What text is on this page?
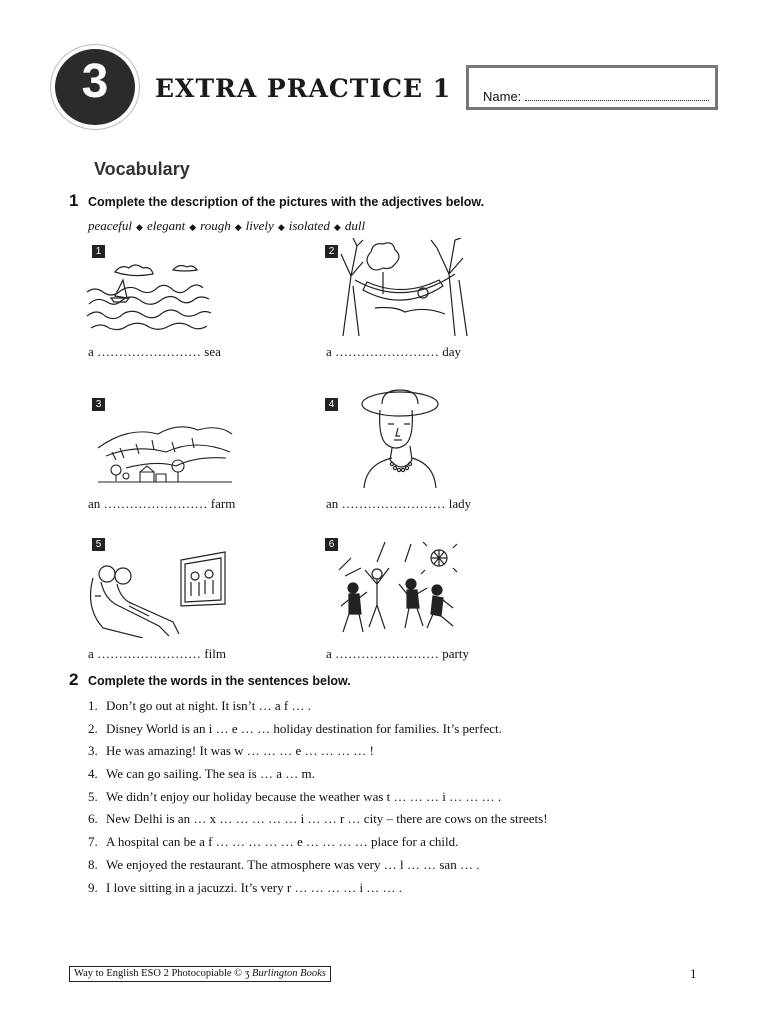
3	EXTRA PRACTICE 1 Name:
Vocabulary
1 Complete the description of the pictures with the adjectives below.
peaceful ◆ elegant ◆ rough ◆ lively ◆ isolated ◆ dull
1
a …………………… sea
2
a …………………… day
3
an …………………… farm
4
an …………………… lady
5
a …………………… film
6
a …………………… party
2 Complete the words in the sentences below.
1. Don’t go out at night. It isn’t … a f … .
2. Disney World is an i … e … … holiday destination for families. It’s perfect.
3. He was amazing! It was w … … … e … … … … !
4. We can go sailing. The sea is … a … m.
5. We didn’t enjoy our holiday because the weather was t … … … i … … … .
6. New Delhi is an … x … … … … … i … … r … city – there are cows on the streets!
7. A hospital can be a f … … … … … e … … … … place for a child.
8. We enjoyed the restaurant. The atmosphere was very … l … … san … .
9. I love sitting in a jacuzzi. It’s very r … … … … i … … .
Way to English ESO 2 Photocopiable © ʒ Burlington Books	1
